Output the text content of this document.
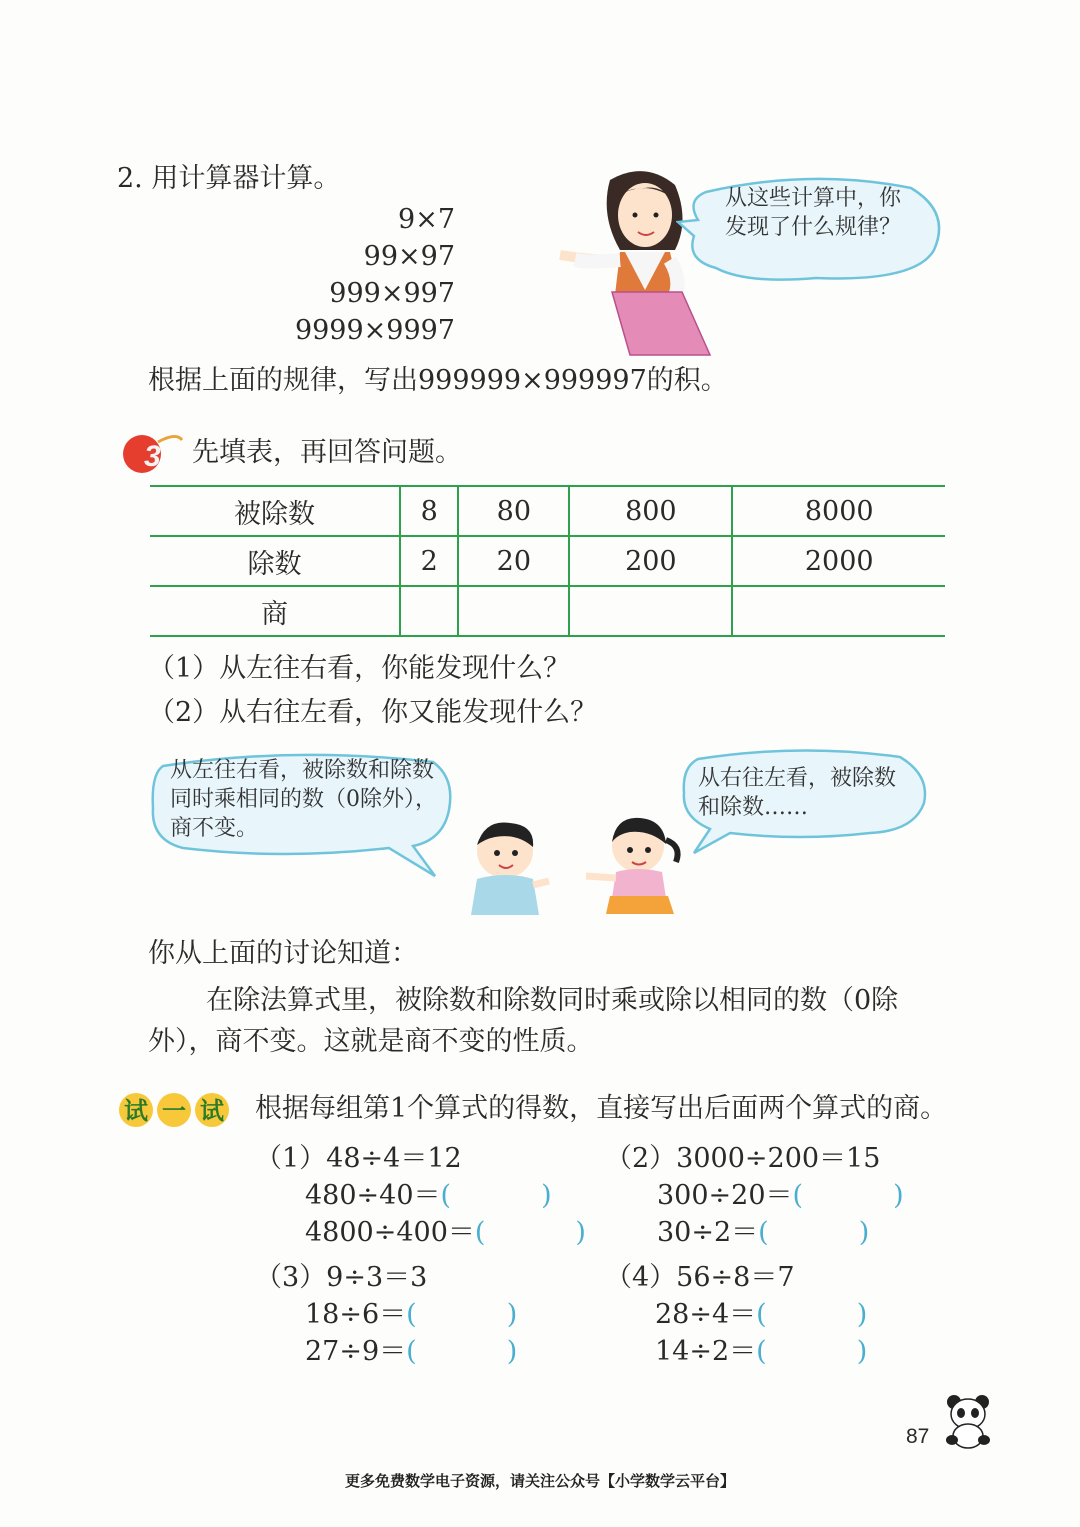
2. 用计算器计算。
9×7
99×97
999×997
9999×9997
根据上面的规律，写出999999×999997的积。
从这些计算中，你
发现了什么规律？
3 先填表，再回答问题。
被除数	8	80	800	8000
除数	2	20	200	2000
商				
（1）从左往右看，你能发现什么？
（2）从右往左看，你又能发现什么？
从左往右看，被除数和除数
同时乘相同的数（0除外），
商不变。
从右往左看，被除数
和除数……
你从上面的讨论知道：
在除法算式里，被除数和除数同时乘或除以相同的数（0除外），商不变。这就是商不变的性质。
试 一 试 根据每组第1个算式的得数，直接写出后面两个算式的商。
（1）48÷4＝12
480÷40＝(	)
4800÷400＝(	)
（2）3000÷200＝15
300÷20＝(	)
30÷2＝(	)
（3）9÷3＝3
18÷6＝(	)
27÷9＝(	)
（4）56÷8＝7
28÷4＝(	)
14÷2＝(	)
87
更多免费数学电子资源，请关注公众号【小学数学云平台】
